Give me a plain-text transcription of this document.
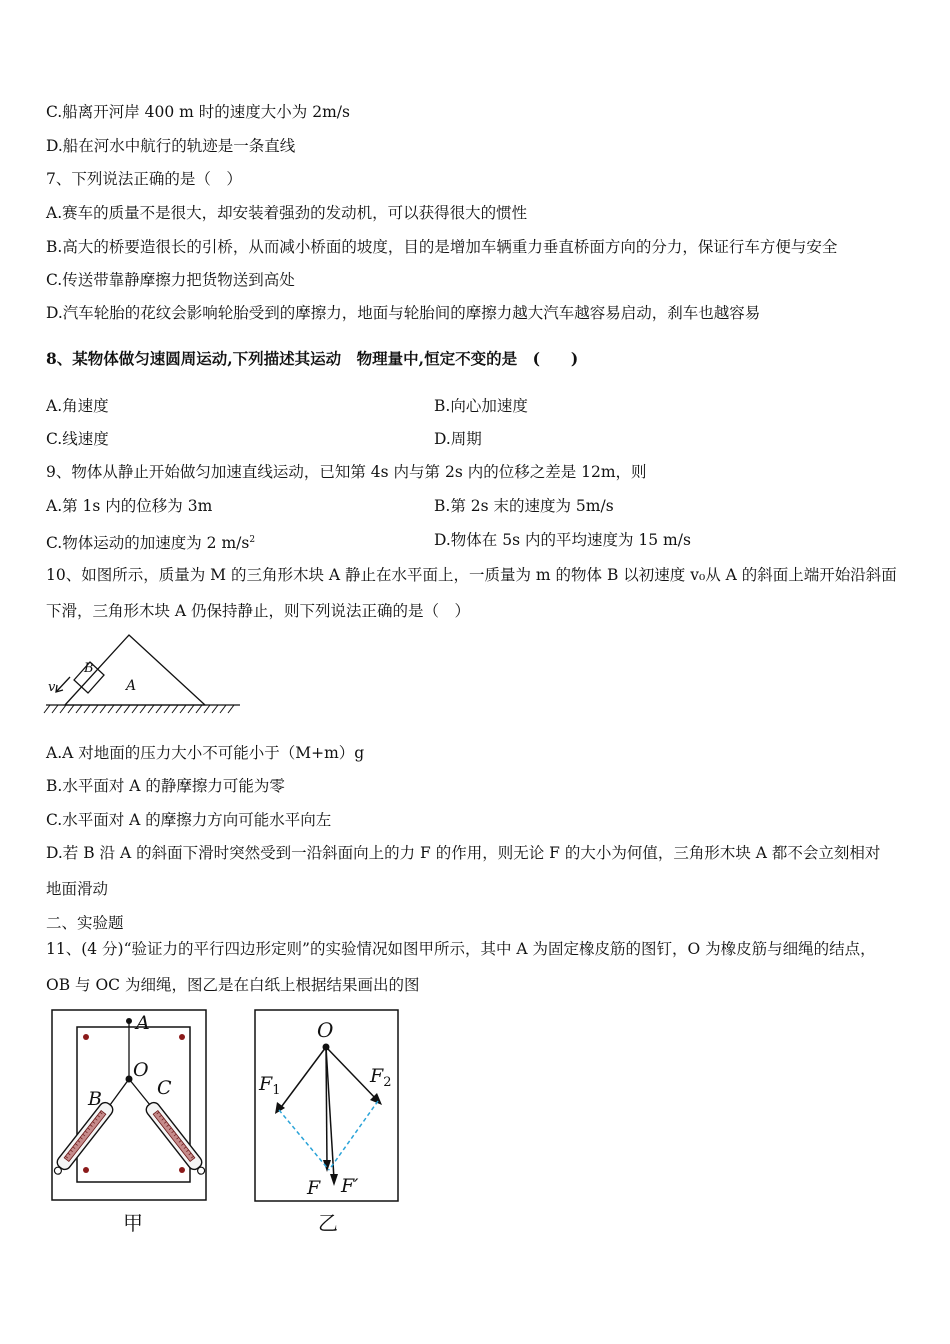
C.船离开河岸 400 m 时的速度大小为 2m/s
D.船在河水中航行的轨迹是一条直线
7、下列说法正确的是（　）
A.赛车的质量不是很大，却安装着强劲的发动机，可以获得很大的惯性
B.高大的桥要造很长的引桥，从而减小桥面的坡度，目的是增加车辆重力垂直桥面方向的分力，保证行车方便与安全
C.传送带靠静摩擦力把货物送到高处
D.汽车轮胎的花纹会影响轮胎受到的摩擦力，地面与轮胎间的摩擦力越大汽车越容易启动，刹车也越容易
8、某物体做匀速圆周运动,下列描述其运动　物理量中,恒定不变的是　(　　)
A.角速度	B.向心加速度
C.线速度	D.周期
9、物体从静止开始做匀加速直线运动，已知第 4s 内与第 2s 内的位移之差是 12m，则
A.第 1s 内的位移为 3m	B.第 2s 末的速度为 5m/s
C.物体运动的加速度为 2 $m/s^2$	D.物体在 5s 内的平均速度为 15 m/s
10、如图所示，质量为 M 的三角形木块 A 静止在水平面上，一质量为 m 的物体 B 以初速度 v₀从 A 的斜面上端开始沿斜面
下滑，三角形木块 A 仍保持静止，则下列说法正确的是（　）
B
A
v
A.A 对地面的压力大小不可能小于（M+m）g
B.水平面对 A 的静摩擦力可能为零
C.水平面对 A 的摩擦力方向可能水平向左
D.若 B 沿 A 的斜面下滑时突然受到一沿斜面向上的力 F 的作用，则无论 F 的大小为何值，三角形木块 A 都不会立刻相对
地面滑动
二、实验题
11、(4 分)“验证力的平行四边形定则”的实验情况如图甲所示，其中 A 为固定橡皮筋的图钉，O 为橡皮筋与细绳的结点，
OB 与 OC 为细绳，图乙是在白纸上根据结果画出的图
A
O
B	C
甲
O
$F_1$
$F_2$
F F′
乙
